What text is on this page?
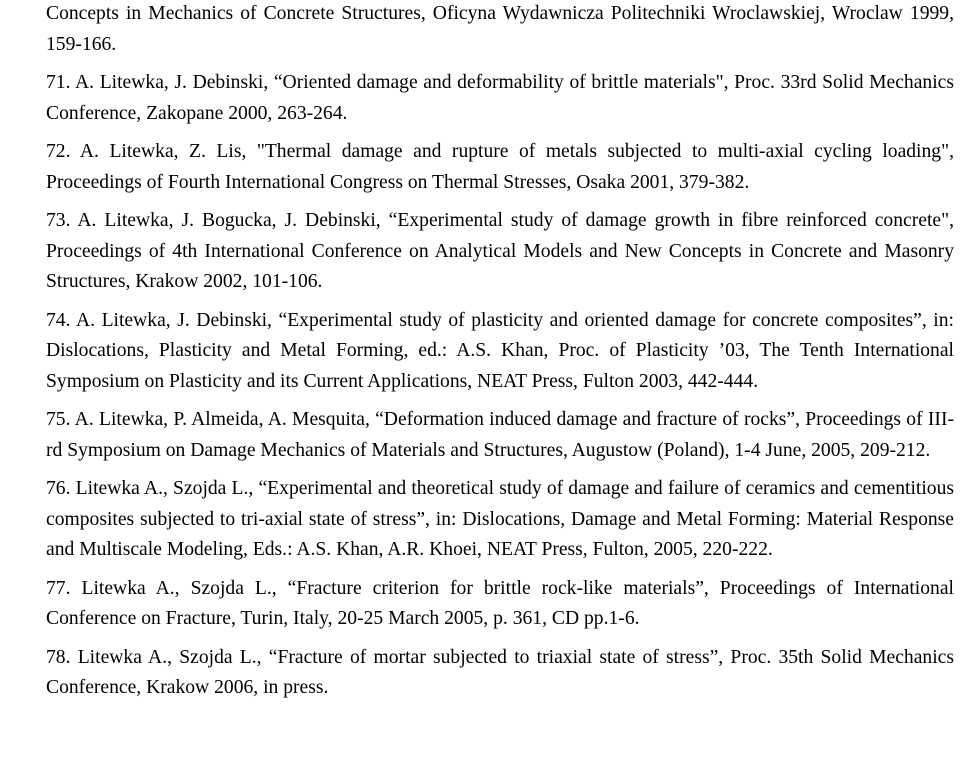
Concepts in Mechanics of Concrete Structures, Oficyna Wydawnicza Politechniki Wroclawskiej, Wroclaw 1999, 159-166.

71. A. Litewka, J. Debinski, “Oriented damage and deformability of brittle materials", Proc. 33rd Solid Mechanics Conference, Zakopane 2000, 263-264.

72. A. Litewka, Z. Lis, "Thermal damage and rupture of metals subjected to multi-axial cycling loading", Proceedings of Fourth International Congress on Thermal Stresses, Osaka 2001, 379-382.

73. A. Litewka, J. Bogucka, J. Debinski, “Experimental study of damage growth in fibre reinforced concrete", Proceedings of 4th International Conference on Analytical Models and New Concepts in Concrete and Masonry Structures, Krakow 2002, 101-106.

74. A. Litewka, J. Debinski, “Experimental study of plasticity and oriented damage for concrete composites”, in: Dislocations, Plasticity and Metal Forming, ed.: A.S. Khan, Proc. of Plasticity ’03, The Tenth International Symposium on Plasticity and its Current Applications, NEAT Press, Fulton 2003, 442-444.

75. A. Litewka, P. Almeida, A. Mesquita, “Deformation induced damage and fracture of rocks”, Proceedings of III-rd Symposium on Damage Mechanics of Materials and Structures, Augustow (Poland), 1-4 June, 2005, 209-212.

76. Litewka A., Szojda L., “Experimental and theoretical study of damage and failure of ceramics and cementitious composites subjected to tri-axial state of stress”, in: Dislocations, Damage and Metal Forming: Material Response and Multiscale Modeling, Eds.: A.S. Khan, A.R. Khoei, NEAT Press, Fulton, 2005, 220-222.

77. Litewka A., Szojda L., “Fracture criterion for brittle rock-like materials”, Proceedings of International Conference on Fracture, Turin, Italy, 20-25 March 2005, p. 361, CD pp.1-6.

78. Litewka A., Szojda L., “Fracture of mortar subjected to triaxial state of stress”, Proc. 35th Solid Mechanics Conference, Krakow 2006, in press.
